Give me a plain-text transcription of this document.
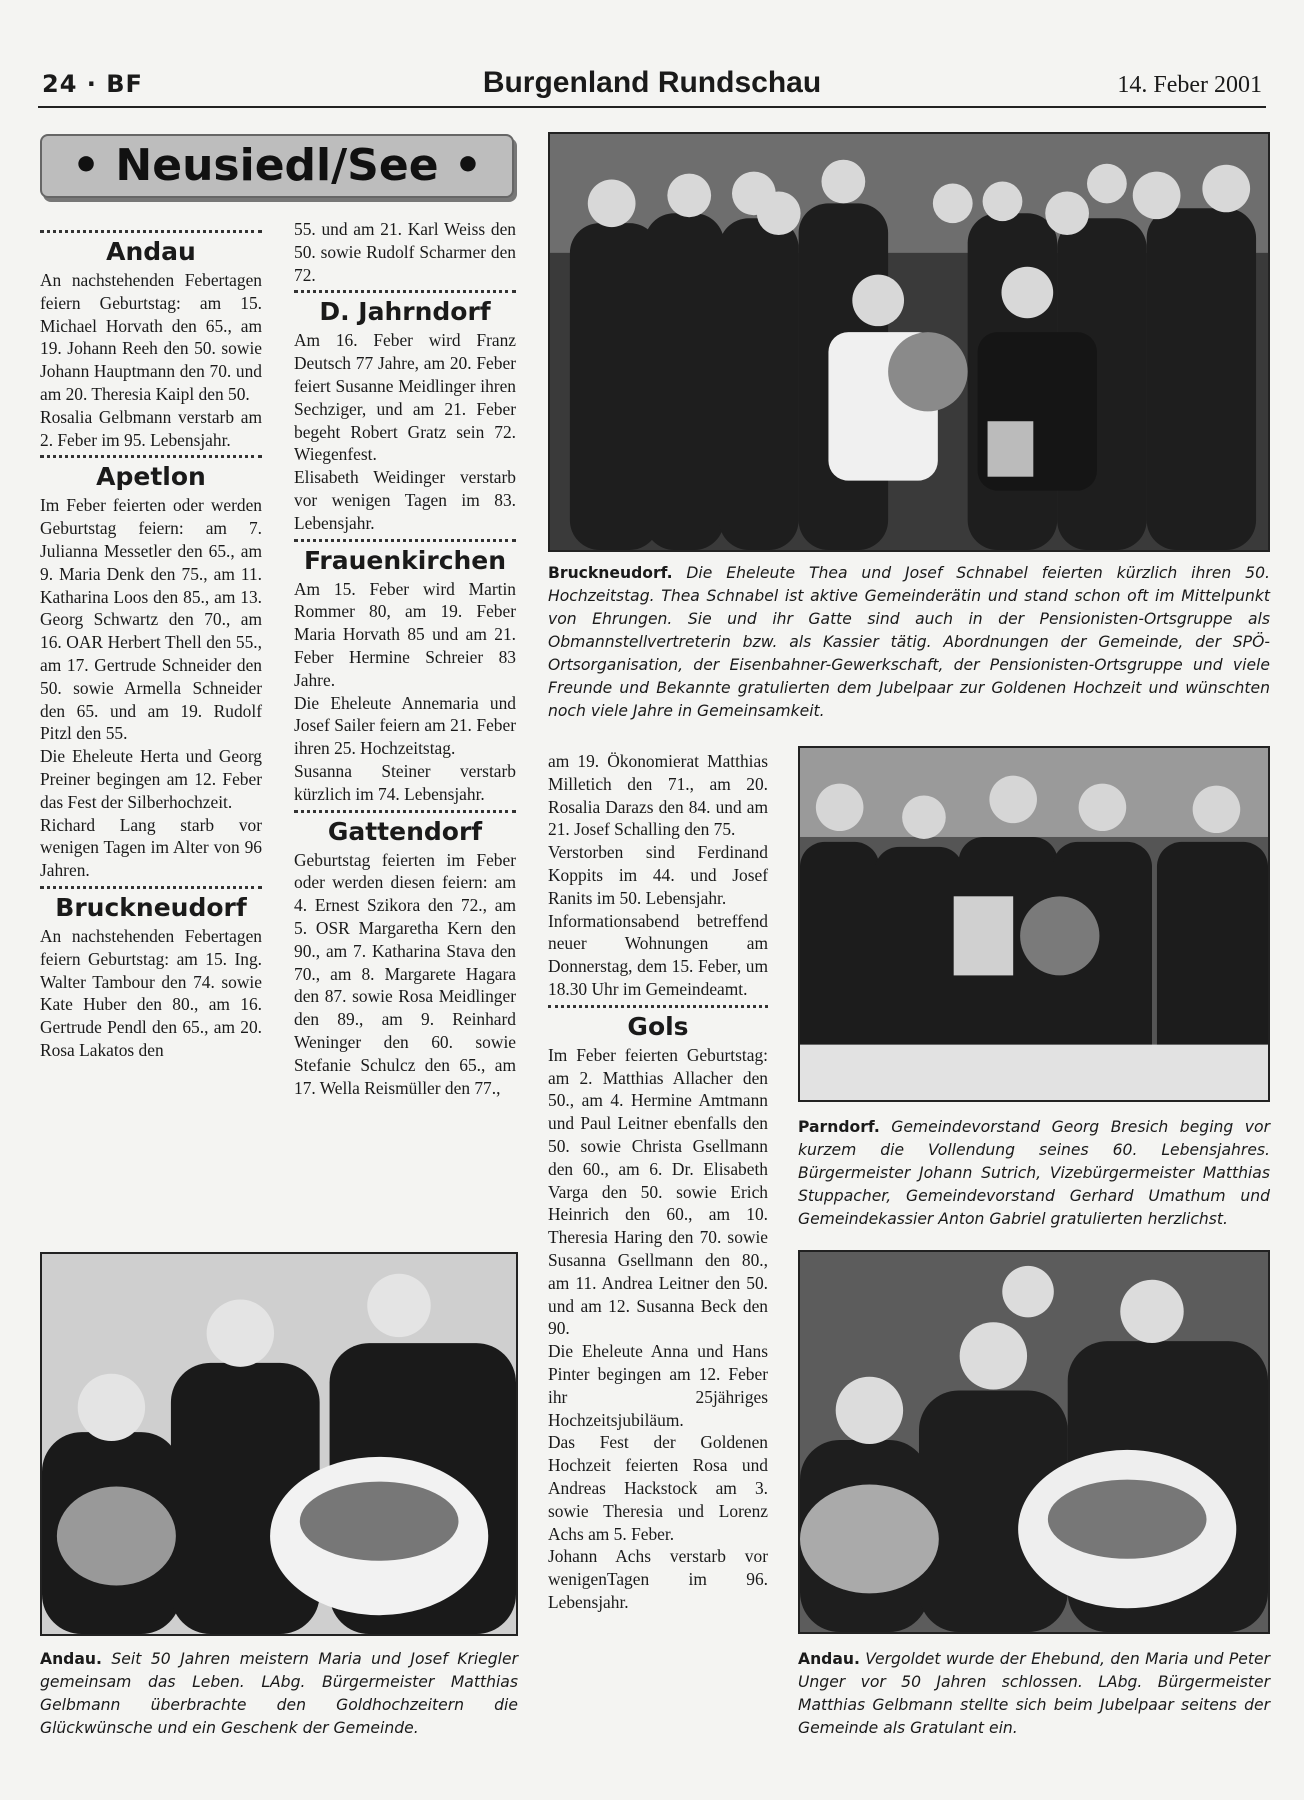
24 · BF	Burgenland Rundschau	14. Feber 2001
• Neusiedl/See •
Andau

An nachstehenden Febertagen feiern Geburtstag: am 15. Michael Horvath den 65., am 19. Johann Reeh den 50. sowie Johann Hauptmann den 70. und am 20. Theresia Kaipl den 50.

Rosalia Gelbmann verstarb am 2. Feber im 95. Lebensjahr.

Apetlon

Im Feber feierten oder werden Geburtstag feiern: am 7. Julianna Messetler den 65., am 9. Maria Denk den 75., am 11. Katharina Loos den 85., am 13. Georg Schwartz den 70., am 16. OAR Herbert Thell den 55., am 17. Gertrude Schneider den 50. sowie Armella Schneider den 65. und am 19. Rudolf Pitzl den 55.

Die Eheleute Herta und Georg Preiner begingen am 12. Feber das Fest der Silberhochzeit.

Richard Lang starb vor wenigen Tagen im Alter von 96 Jahren.

Bruckneudorf

An nachstehenden Febertagen feiern Geburtstag: am 15. Ing. Walter Tambour den 74. sowie Kate Huber den 80., am 16. Gertrude Pendl den 65., am 20. Rosa Lakatos den

55. und am 21. Karl Weiss den 50. sowie Rudolf Scharmer den 72.

D. Jahrndorf

Am 16. Feber wird Franz Deutsch 77 Jahre, am 20. Feber feiert Susanne Meidlinger ihren Sechziger, und am 21. Feber begeht Robert Gratz sein 72. Wiegenfest.

Elisabeth Weidinger verstarb vor wenigen Tagen im 83. Lebensjahr.

Frauenkirchen

Am 15. Feber wird Martin Rommer 80, am 19. Feber Maria Horvath 85 und am 21. Feber Hermine Schreier 83 Jahre.

Die Eheleute Annemaria und Josef Sailer feiern am 21. Feber ihren 25. Hochzeitstag.

Susanna Steiner verstarb kürzlich im 74. Lebensjahr.

Gattendorf

Geburtstag feierten im Feber oder werden diesen feiern: am 4. Ernest Szikora den 72., am 5. OSR Margaretha Kern den 90., am 7. Katharina Stava den 70., am 8. Margarete Hagara den 87. sowie Rosa Meidlinger den 89., am 9. Reinhard Weninger den 60. sowie Stefanie Schulcz den 65., am 17. Wella Reismüller den 77.,

am 19. Ökonomierat Matthias Milletich den 71., am 20. Rosalia Darazs den 84. und am 21. Josef Schalling den 75.

Verstorben sind Ferdinand Koppits im 44. und Josef Ranits im 50. Lebensjahr.

Informationsabend betreffend neuer Wohnungen am Donnerstag, dem 15. Feber, um 18.30 Uhr im Gemeindeamt.

Gols

Im Feber feierten Geburtstag: am 2. Matthias Allacher den 50., am 4. Hermine Amtmann und Paul Leitner ebenfalls den 50. sowie Christa Gsellmann den 60., am 6. Dr. Elisabeth Varga den 50. sowie Erich Heinrich den 60., am 10. Theresia Haring den 70. sowie Susanna Gsellmann den 80., am 11. Andrea Leitner den 50. und am 12. Susanna Beck den 90.

Die Eheleute Anna und Hans Pinter begingen am 12. Feber ihr 25jähriges Hochzeitsjubiläum.

Das Fest der Goldenen Hochzeit feierten Rosa und Andreas Hackstock am 3. sowie Theresia und Lorenz Achs am 5. Feber.

Johann Achs verstarb vor wenigenTagen im 96. Lebensjahr.

Bruckneudorf. Die Eheleute Thea und Josef Schnabel feierten kürzlich ihren 50. Hochzeitstag. Thea Schnabel ist aktive Gemeinderätin und stand schon oft im Mittelpunkt von Ehrungen. Sie und ihr Gatte sind auch in der Pensionisten-Ortsgruppe als Obmannstellvertreterin bzw. als Kassier tätig. Abordnungen der Gemeinde, der SPÖ-Ortsorganisation, der Eisenbahner-Gewerkschaft, der Pensionisten-Ortsgruppe und viele Freunde und Bekannte gratulierten dem Jubelpaar zur Goldenen Hochzeit und wünschten noch viele Jahre in Gemeinsamkeit.
Parndorf. Gemeindevorstand Georg Bresich beging vor kurzem die Vollendung seines 60. Lebensjahres. Bürgermeister Johann Sutrich, Vizebürgermeister Matthias Stuppacher, Gemeindevorstand Gerhard Umathum und Gemeindekassier Anton Gabriel gratulierten herzlichst.
Andau. Seit 50 Jahren meistern Maria und Josef Kriegler gemeinsam das Leben. LAbg. Bürgermeister Matthias Gelbmann überbrachte den Goldhochzeitern die Glückwünsche und ein Geschenk der Gemeinde.
Andau. Vergoldet wurde der Ehebund, den Maria und Peter Unger vor 50 Jahren schlossen. LAbg. Bürgermeister Matthias Gelbmann stellte sich beim Jubelpaar seitens der Gemeinde als Gratulant ein.
